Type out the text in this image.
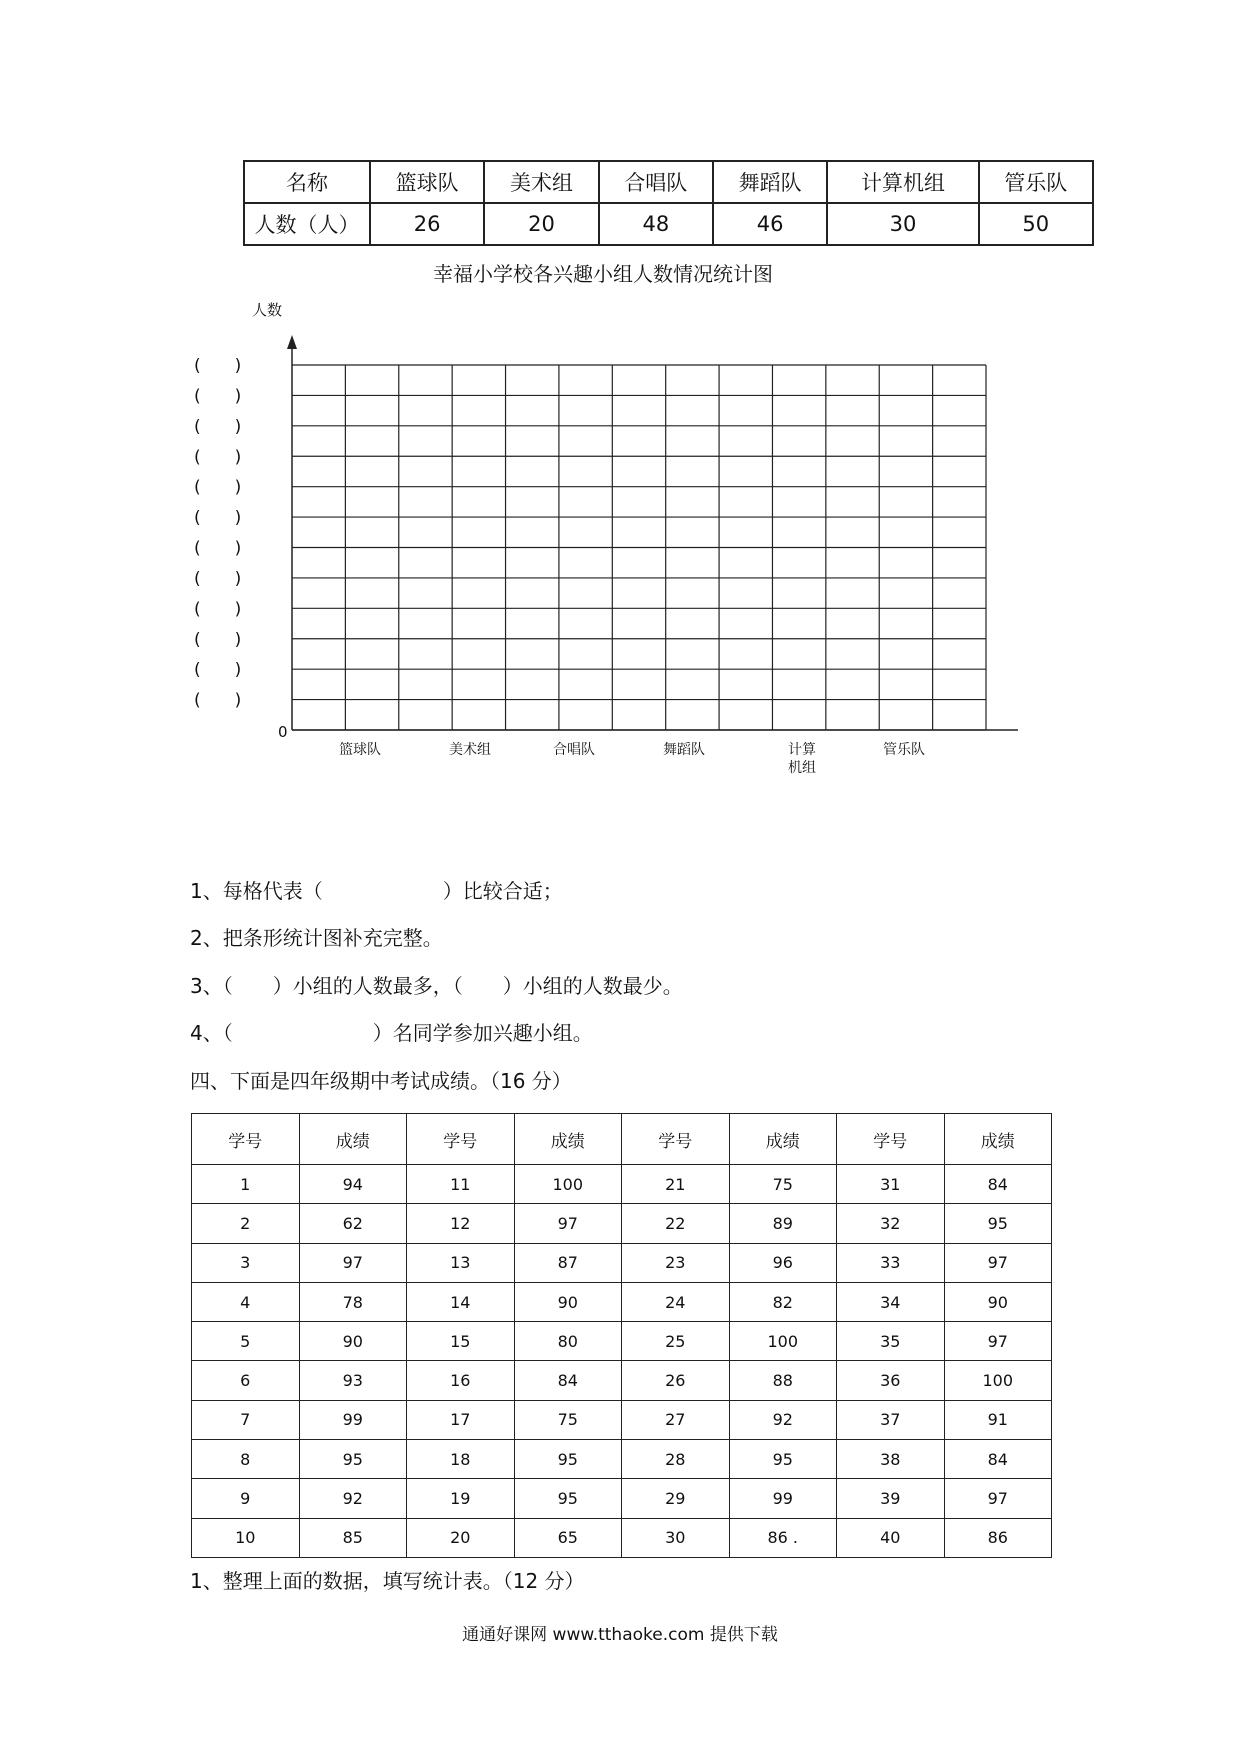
名称	篮球队	美术组	合唱队	舞蹈队	计算机组	管乐队
人数（人）	26	20	48	46	30	50
幸福小学校各兴趣小组人数情况统计图
人数
0
(　　)
(　　)
(　　)
(　　)
(　　)
(　　)
(　　)
(　　)
(　　)
(　　)
(　　)
(　　)
篮球队	美术组	合唱队	舞蹈队	计算
机组
管乐队
1、每格代表（　　　　　　）比较合适；
2、把条形统计图补充完整。
3、（　　）小组的人数最多，（　　）小组的人数最少。
4、（　　　　　　　）名同学参加兴趣小组。
四、下面是四年级期中考试成绩。（16 分）
学号	成绩	学号	成绩	学号	成绩	学号	成绩
1	94	11	100	21	75	31	84
2	62	12	97	22	89	32	95
3	97	13	87	23	96	33	97
4	78	14	90	24	82	34	90
5	90	15	80	25	100	35	97
6	93	16	84	26	88	36	100
7	99	17	75	27	92	37	91
8	95	18	95	28	95	38	84
9	92	19	95	29	99	39	97
10	85	20	65	30	86 .	40	86
1、整理上面的数据，填写统计表。（12 分）
通通好课网 www.tthaoke.com 提供下载
